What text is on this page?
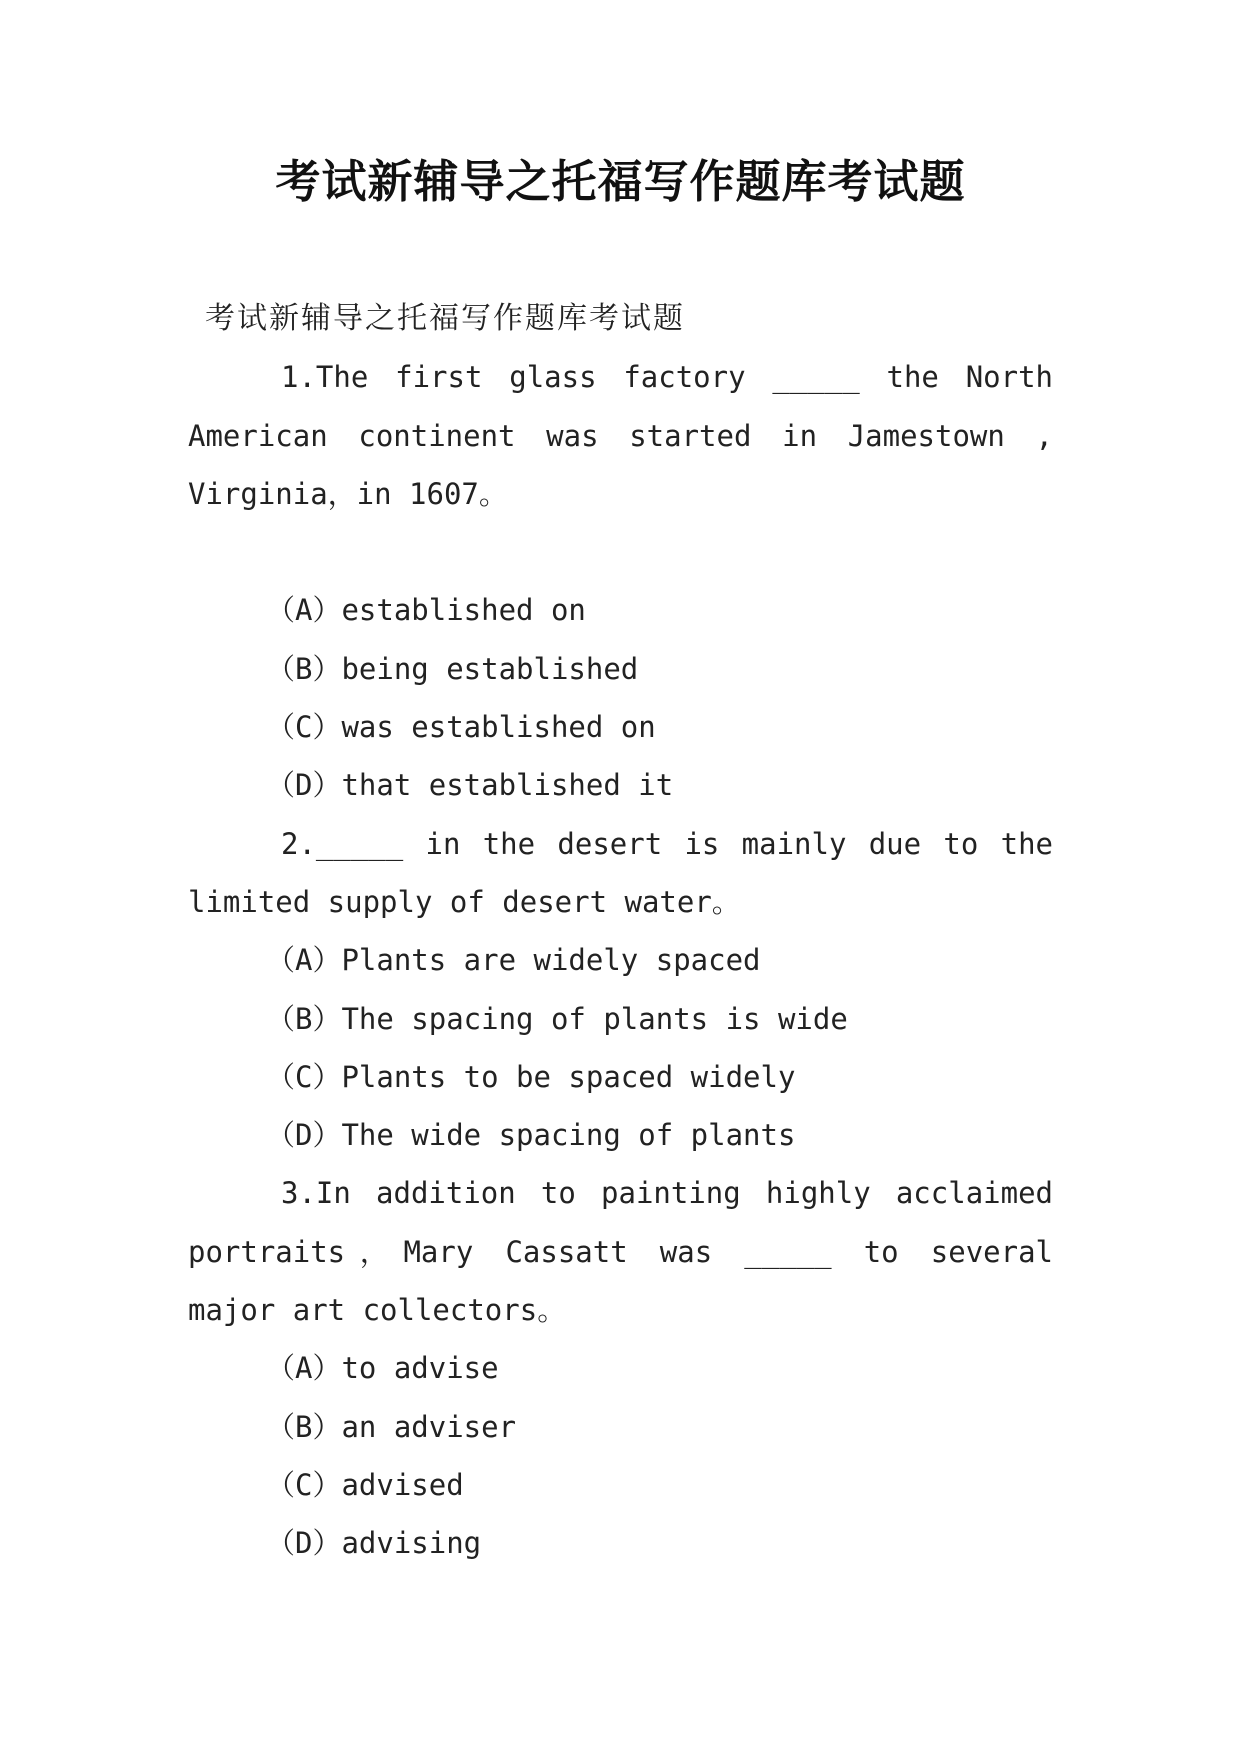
考试新辅导之托福写作题库考试题

考试新辅导之托福写作题库考试题

1.The first glass factory _____ the North American continent was started in Jamestown , Virginia，in 1607。

（A）established on

（B）being established

（C）was established on

（D）that established it

2._____ in the desert is mainly due to the limited supply of desert water。

（A）Plants are widely spaced

（B）The spacing of plants is wide

（C）Plants to be spaced widely

（D）The wide spacing of plants

3.In addition to painting highly acclaimed portraits，Mary Cassatt was _____ to several major art collectors。

（A）to advise

（B）an adviser

（C）advised

（D）advising
